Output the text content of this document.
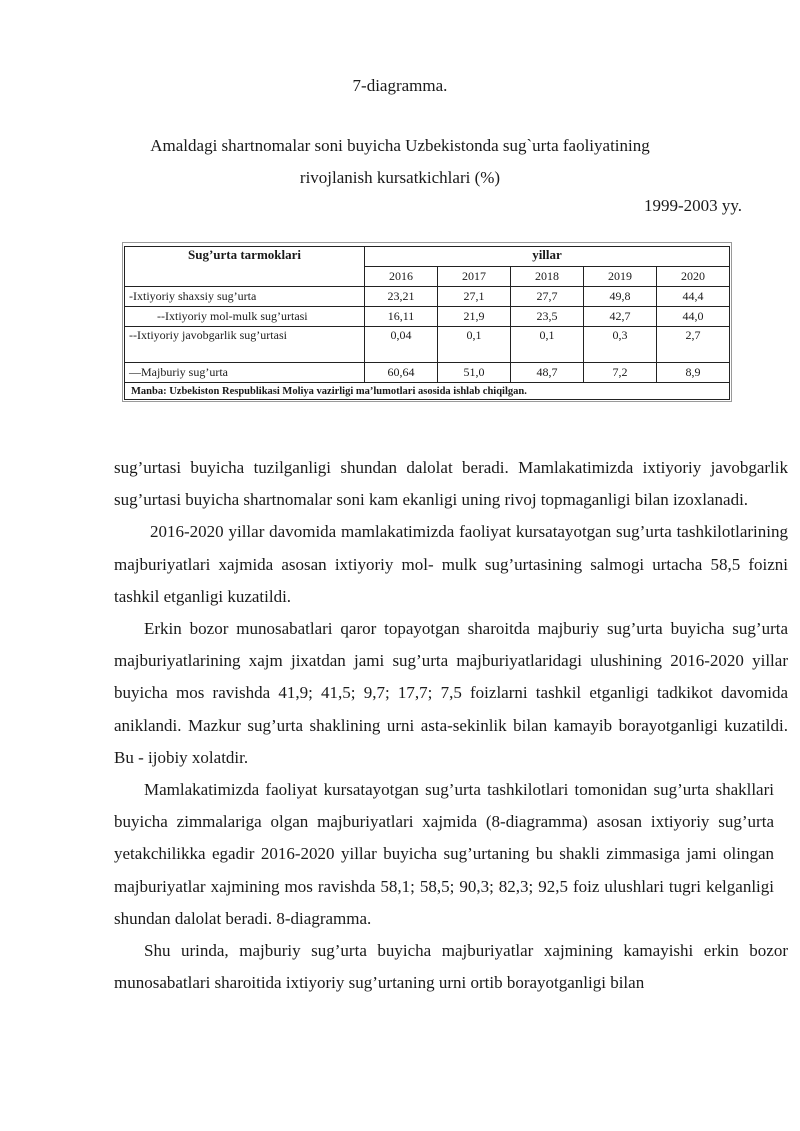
7-diagramma.
Amaldagi shartnomalar soni buyicha Uzbekistonda sug`urta faoliyatining
rivojlanish kursatkichlari (%)
1999-2003 yy.
Sug’urta tarmoklari	yillar				
	2016	2017	2018	2019	2020
-Ixtiyoriy shaxsiy sug’urta	23,21	27,1	27,7	49,8	44,4
--Ixtiyoriy mol-mulk sug’urtasi	16,11	21,9	23,5	42,7	44,0
--Ixtiyoriy javobgarlik sug’urtasi	0,04	0,1	0,1	0,3	2,7
—Majburiy sug’urta	60,64	51,0	48,7	7,2	8,9
Manba: Uzbekiston Respublikasi Moliya vazirligi ma’lumotlari asosida ishlab chiqilgan.					

sug’urtasi buyicha tuzilganligi shundan dalolat beradi. Mamlakatimizda ixtiyoriy javobgarlik sug’urtasi buyicha shartnomalar soni kam ekanligi uning rivoj topmaganligi bilan izoxlanadi.

2016-2020 yillar davomida mamlakatimizda faoliyat kursatayotgan sug’urta tashkilotlarining majburiyatlari xajmida asosan ixtiyoriy mol- mulk sug’urtasining salmogi urtacha 58,5 foizni tashkil etganligi kuzatildi.

Erkin bozor munosabatlari qaror topayotgan sharoitda majburiy sug’urta buyicha sug’urta majburiyatlarining xajm jixatdan jami sug’urta majburiyatlaridagi ulushining 2016-2020 yillar buyicha mos ravishda 41,9; 41,5; 9,7; 17,7; 7,5 foizlarni tashkil etganligi tadkikot davomida aniklandi. Mazkur sug’urta shaklining urni asta-sekinlik bilan kamayib borayotganligi kuzatildi. Bu - ijobiy xolatdir.

Mamlakatimizda faoliyat kursatayotgan sug’urta tashkilotlari tomonidan sug’urta shakllari buyicha zimmalariga olgan majburiyatlari xajmida (8-diagramma) asosan ixtiyoriy sug’urta yetakchilikka egadir 2016-2020 yillar buyicha sug’urtaning bu shakli zimmasiga jami olingan majburiyatlar xajmining mos ravishda 58,1; 58,5; 90,3; 82,3; 92,5 foiz ulushlari tugri kelganligi shundan dalolat beradi. 8-diagramma.

Shu urinda, majburiy sug’urta buyicha majburiyatlar xajmining kamayishi erkin bozor munosabatlari sharoitida ixtiyoriy sug’urtaning urni ortib borayotganligi bilan
